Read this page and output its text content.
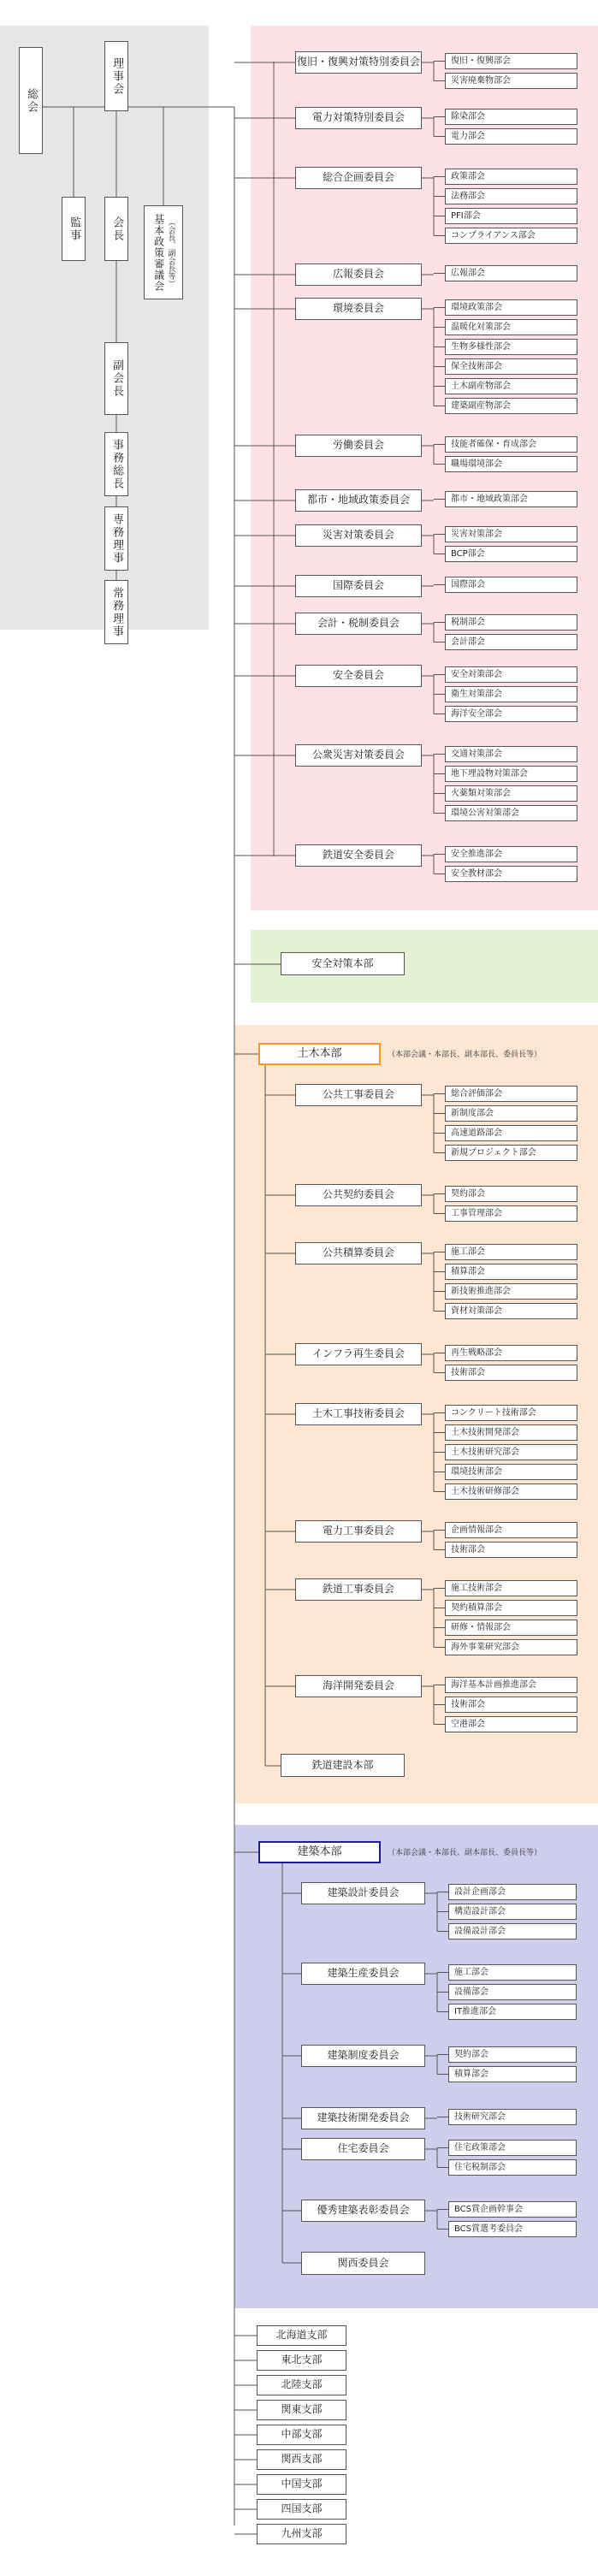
総会
理事会
監事	会長	基本政策審議会 （会長、副会長等）
副会長
事務総長
専務理事
常務理事
安全対策本部
土木本部	（本部会議・本部長、副本部長、委員長等）
鉄道建設本部
建築本部	（本部会議・本部長、副本部長、委員長等）
関西委員会
復旧・復興対策特別委員会	復旧・復興部会
災害廃棄物部会
電力対策特別委員会	除染部会
電力部会
総合企画委員会	政策部会
法務部会
PFI部会
コンプライアンス部会
広報委員会	広報部会
環境委員会	環境政策部会
温暖化対策部会
生物多様性部会
保全技術部会
土木副産物部会
建築副産物部会
労働委員会	技能者確保・育成部会
職場環境部会
都市・地域政策委員会	都市・地域政策部会
災害対策委員会	災害対策部会
BCP部会
国際委員会	国際部会
会計・税制委員会	税制部会
会計部会
安全委員会	安全対策部会
衛生対策部会
海洋安全部会
公衆災害対策委員会	交通対策部会
地下埋設物対策部会
火薬類対策部会
環境公害対策部会
鉄道安全委員会	安全推進部会
安全教材部会
公共工事委員会	総合評価部会
新制度部会
高速道路部会
新規プロジェクト部会
公共契約委員会	契約部会
工事管理部会
公共積算委員会	施工部会
積算部会
新技術推進部会
資材対策部会
インフラ再生委員会	再生戦略部会
技術部会
土木工事技術委員会	コンクリート技術部会
土木技術開発部会
土木技術研究部会
環境技術部会
土木技術研修部会
電力工事委員会	企画情報部会
技術部会
鉄道工事委員会	施工技術部会
契約積算部会
研修・情報部会
海外事業研究部会
海洋開発委員会	海洋基本計画推進部会
技術部会
空港部会
建築設計委員会	設計企画部会
構造設計部会
設備設計部会
建築生産委員会	施工部会
設備部会
IT推進部会
建築制度委員会	契約部会
積算部会
建築技術開発委員会	技術研究部会
住宅委員会	住宅政策部会
住宅税制部会
優秀建築表彰委員会	BCS賞企画幹事会
BCS賞選考委員会
北海道支部
東北支部
北陸支部
関東支部
中部支部
関西支部
中国支部
四国支部
九州支部
